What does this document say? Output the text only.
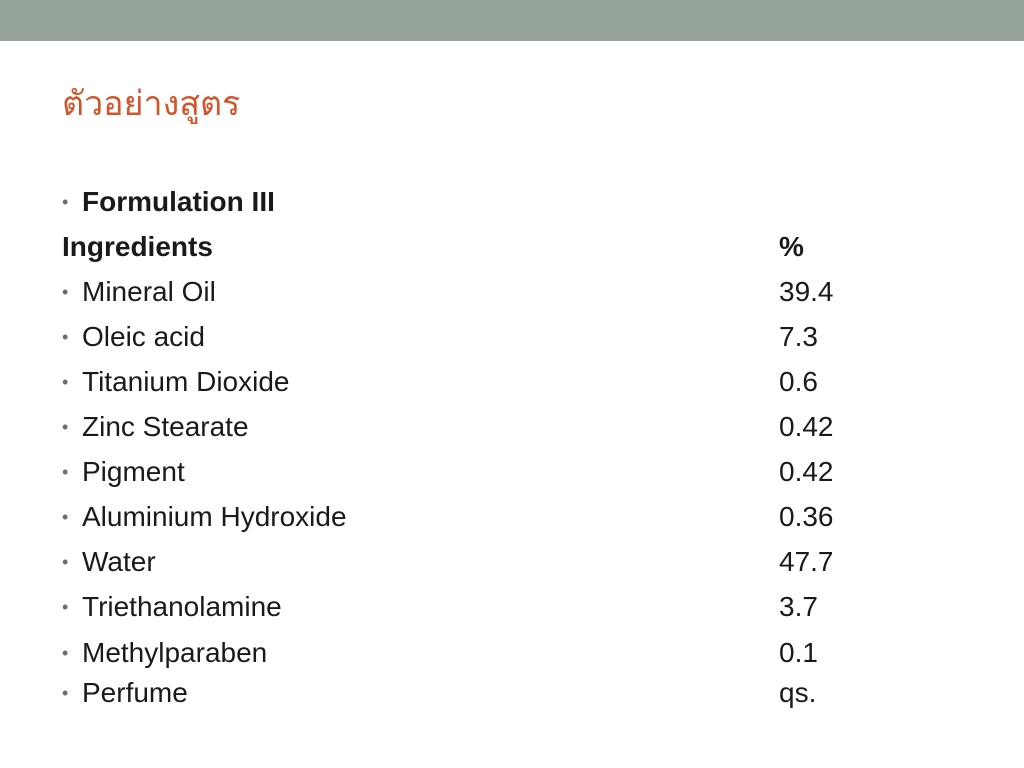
ตัวอย่างสูตร
• Formulation III
Ingredients	%
• Mineral Oil	39.4
• Oleic acid	7.3
• Titanium Dioxide	0.6
• Zinc Stearate	0.42
• Pigment	0.42
• Aluminium Hydroxide	0.36
• Water	47.7
• Triethanolamine	3.7
• Methylparaben	0.1
• Perfume	qs.
